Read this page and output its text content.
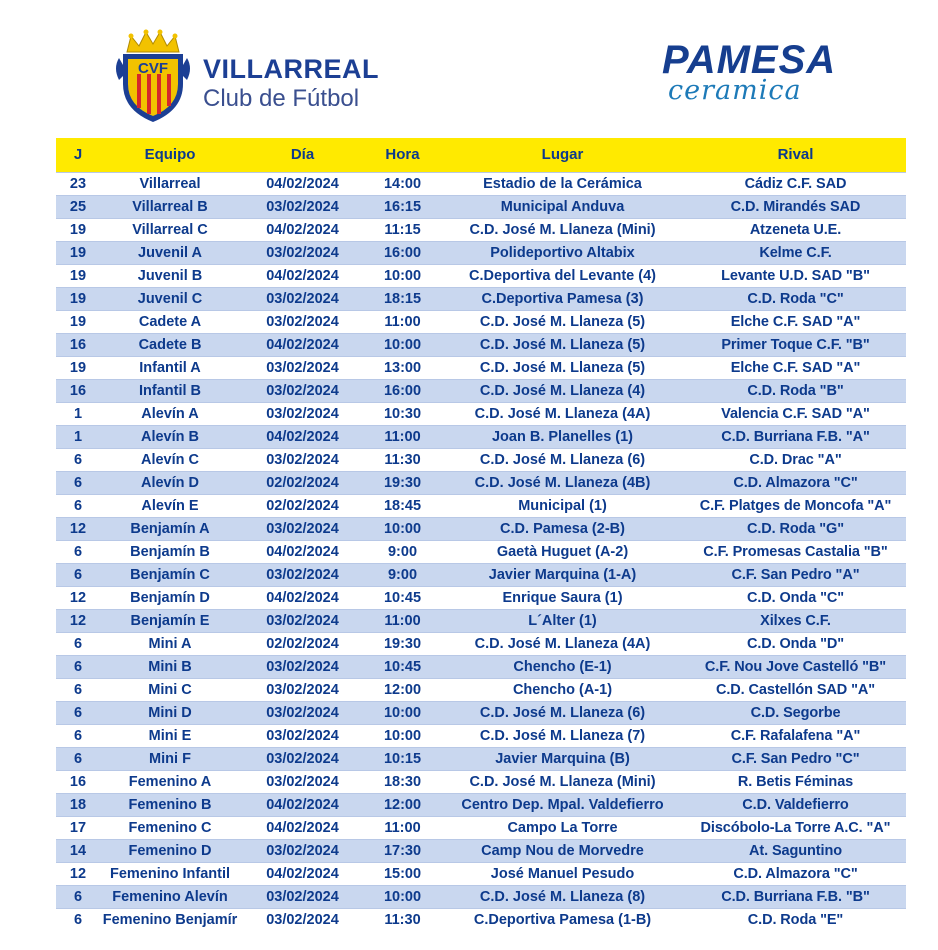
CVF VILLARREAL
Club de Fútbol
PAMESA
ceramica
J	Equipo	Día	Hora	Lugar	Rival
23	Villarreal	04/02/2024	14:00	Estadio de la Cerámica	Cádiz C.F. SAD
25	Villarreal B	03/02/2024	16:15	Municipal Anduva	C.D. Mirandés SAD
19	Villarreal C	04/02/2024	11:15	C.D. José M. Llaneza (Mini)	Atzeneta U.E.
19	Juvenil A	03/02/2024	16:00	Polideportivo Altabix	Kelme C.F.
19	Juvenil B	04/02/2024	10:00	C.Deportiva del Levante (4)	Levante U.D. SAD "B"
19	Juvenil C	03/02/2024	18:15	C.Deportiva Pamesa (3)	C.D. Roda "C"
19	Cadete A	03/02/2024	11:00	C.D. José M. Llaneza (5)	Elche C.F. SAD "A"
16	Cadete B	04/02/2024	10:00	C.D. José M. Llaneza (5)	Primer Toque C.F. "B"
19	Infantil A	03/02/2024	13:00	C.D. José M. Llaneza (5)	Elche C.F. SAD "A"
16	Infantil B	03/02/2024	16:00	C.D. José M. Llaneza (4)	C.D. Roda "B"
1	Alevín A	03/02/2024	10:30	C.D. José M. Llaneza (4A)	Valencia C.F. SAD "A"
1	Alevín B	04/02/2024	11:00	Joan B. Planelles (1)	C.D. Burriana F.B. "A"
6	Alevín C	03/02/2024	11:30	C.D. José M. Llaneza (6)	C.D. Drac "A"
6	Alevín D	02/02/2024	19:30	C.D. José M. Llaneza (4B)	C.D. Almazora "C"
6	Alevín E	02/02/2024	18:45	Municipal (1)	C.F. Platges de Moncofa "A"
12	Benjamín A	03/02/2024	10:00	C.D. Pamesa (2-B)	C.D. Roda "G"
6	Benjamín B	04/02/2024	9:00	Gaetà Huguet (A-2)	C.F. Promesas Castalia "B"
6	Benjamín C	03/02/2024	9:00	Javier Marquina (1-A)	C.F. San Pedro "A"
12	Benjamín D	04/02/2024	10:45	Enrique Saura (1)	C.D. Onda "C"
12	Benjamín E	03/02/2024	11:00	L´Alter (1)	Xilxes C.F.
6	Mini A	02/02/2024	19:30	C.D. José M. Llaneza (4A)	C.D. Onda "D"
6	Mini B	03/02/2024	10:45	Chencho (E-1)	C.F. Nou Jove Castelló "B"
6	Mini C	03/02/2024	12:00	Chencho (A-1)	C.D. Castellón SAD "A"
6	Mini D	03/02/2024	10:00	C.D. José M. Llaneza (6)	C.D. Segorbe
6	Mini E	03/02/2024	10:00	C.D. José M. Llaneza (7)	C.F. Rafalafena "A"
6	Mini F	03/02/2024	10:15	Javier Marquina (B)	C.F. San Pedro "C"
16	Femenino A	03/02/2024	18:30	C.D. José M. Llaneza (Mini)	R. Betis Féminas
18	Femenino B	04/02/2024	12:00	Centro Dep. Mpal. Valdefierro	C.D. Valdefierro
17	Femenino C	04/02/2024	11:00	Campo La Torre	Discóbolo-La Torre A.C. "A"
14	Femenino D	03/02/2024	17:30	Camp Nou de Morvedre	At. Saguntino
12	Femenino Infantil	04/02/2024	15:00	José Manuel Pesudo	C.D. Almazora "C"
6	Femenino Alevín	03/02/2024	10:00	C.D. José M. Llaneza (8)	C.D. Burriana F.B. "B"
6	Femenino Benjamír	03/02/2024	11:30	C.Deportiva Pamesa (1-B)	C.D. Roda "E"
